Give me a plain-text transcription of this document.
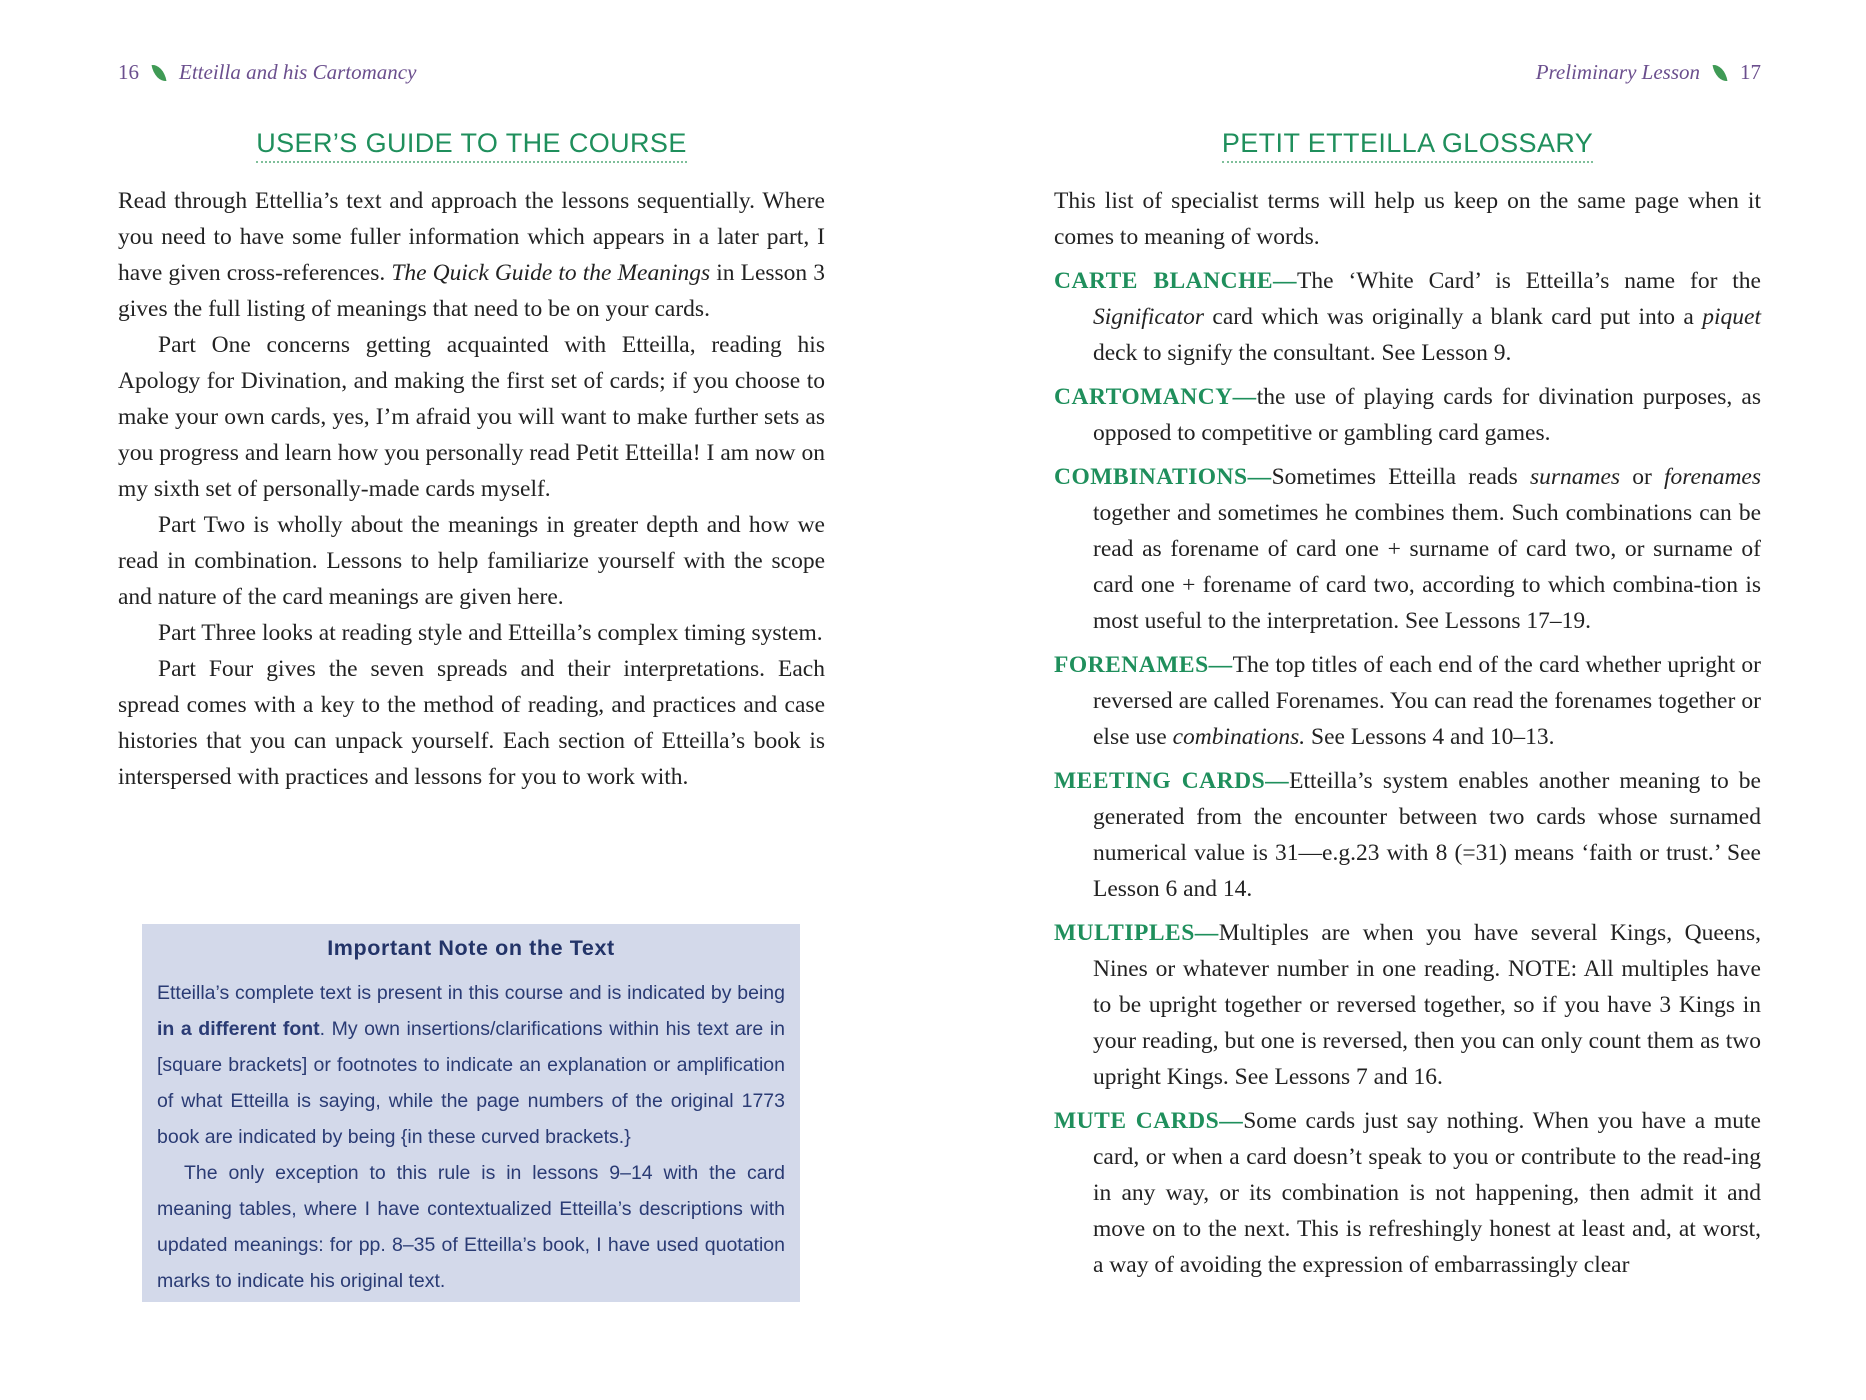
16 Etteilla and his Cartomancy
USER’S GUIDE TO THE COURSE

Read through Ettellia’s text and approach the lessons sequentially. Where you need to have some fuller information which appears in a later part, I have given cross-references. The Quick Guide to the Meanings in Lesson 3 gives the full listing of meanings that need to be on your cards.

Part One concerns getting acquainted with Etteilla, reading his Apology for Divination, and making the first set of cards; if you choose to make your own cards, yes, I’m afraid you will want to make further sets as you progress and learn how you personally read Petit Etteilla! I am now on my sixth set of personally-made cards myself.

Part Two is wholly about the meanings in greater depth and how we read in combination. Lessons to help familiarize yourself with the scope and nature of the card meanings are given here.

Part Three looks at reading style and Etteilla’s complex timing system.

Part Four gives the seven spreads and their interpretations. Each spread comes with a key to the method of reading, and practices and case histories that you can unpack yourself. Each section of Etteilla’s book is interspersed with practices and lessons for you to work with.

Important Note on the Text

Etteilla’s complete text is present in this course and is indicated by being in a different font. My own insertions/clarifications within his text are in [square brackets] or footnotes to indicate an explanation or amplification of what Etteilla is saying, while the page numbers of the original 1773 book are indicated by being {in these curved brackets.}

The only exception to this rule is in lessons 9–14 with the card meaning tables, where I have contextualized Etteilla’s descriptions with updated meanings: for pp. 8–35 of Etteilla’s book, I have used quotation marks to indicate his original text.

Preliminary Lesson 17
PETIT ETTEILLA GLOSSARY

This list of specialist terms will help us keep on the same page when it comes to meaning of words.

CARTE BLANCHE—The ‘White Card’ is Etteilla’s name for the Significator card which was originally a blank card put into a piquet deck to signify the consultant. See Lesson 9.

CARTOMANCY—the use of playing cards for divination purposes, as opposed to competitive or gambling card games.

COMBINATIONS—Sometimes Etteilla reads surnames or forenames together and sometimes he combines them. Such combinations can be read as forename of card one + surname of card two, or surname of card one + forename of card two, according to which combina-tion is most useful to the interpretation. See Lessons 17–19.

FORENAMES—The top titles of each end of the card whether upright or reversed are called Forenames. You can read the forenames together or else use combinations. See Lessons 4 and 10–13.

MEETING CARDS—Etteilla’s system enables another meaning to be generated from the encounter between two cards whose surnamed numerical value is 31—e.g.23 with 8 (=31) means ‘faith or trust.’ See Lesson 6 and 14.

MULTIPLES—Multiples are when you have several Kings, Queens, Nines or whatever number in one reading. NOTE: All multiples have to be upright together or reversed together, so if you have 3 Kings in your reading, but one is reversed, then you can only count them as two upright Kings. See Lessons 7 and 16.

MUTE CARDS—Some cards just say nothing. When you have a mute card, or when a card doesn’t speak to you or contribute to the read-ing in any way, or its combination is not happening, then admit it and move on to the next. This is refreshingly honest at least and, at worst, a way of avoiding the expression of embarrassingly clear
